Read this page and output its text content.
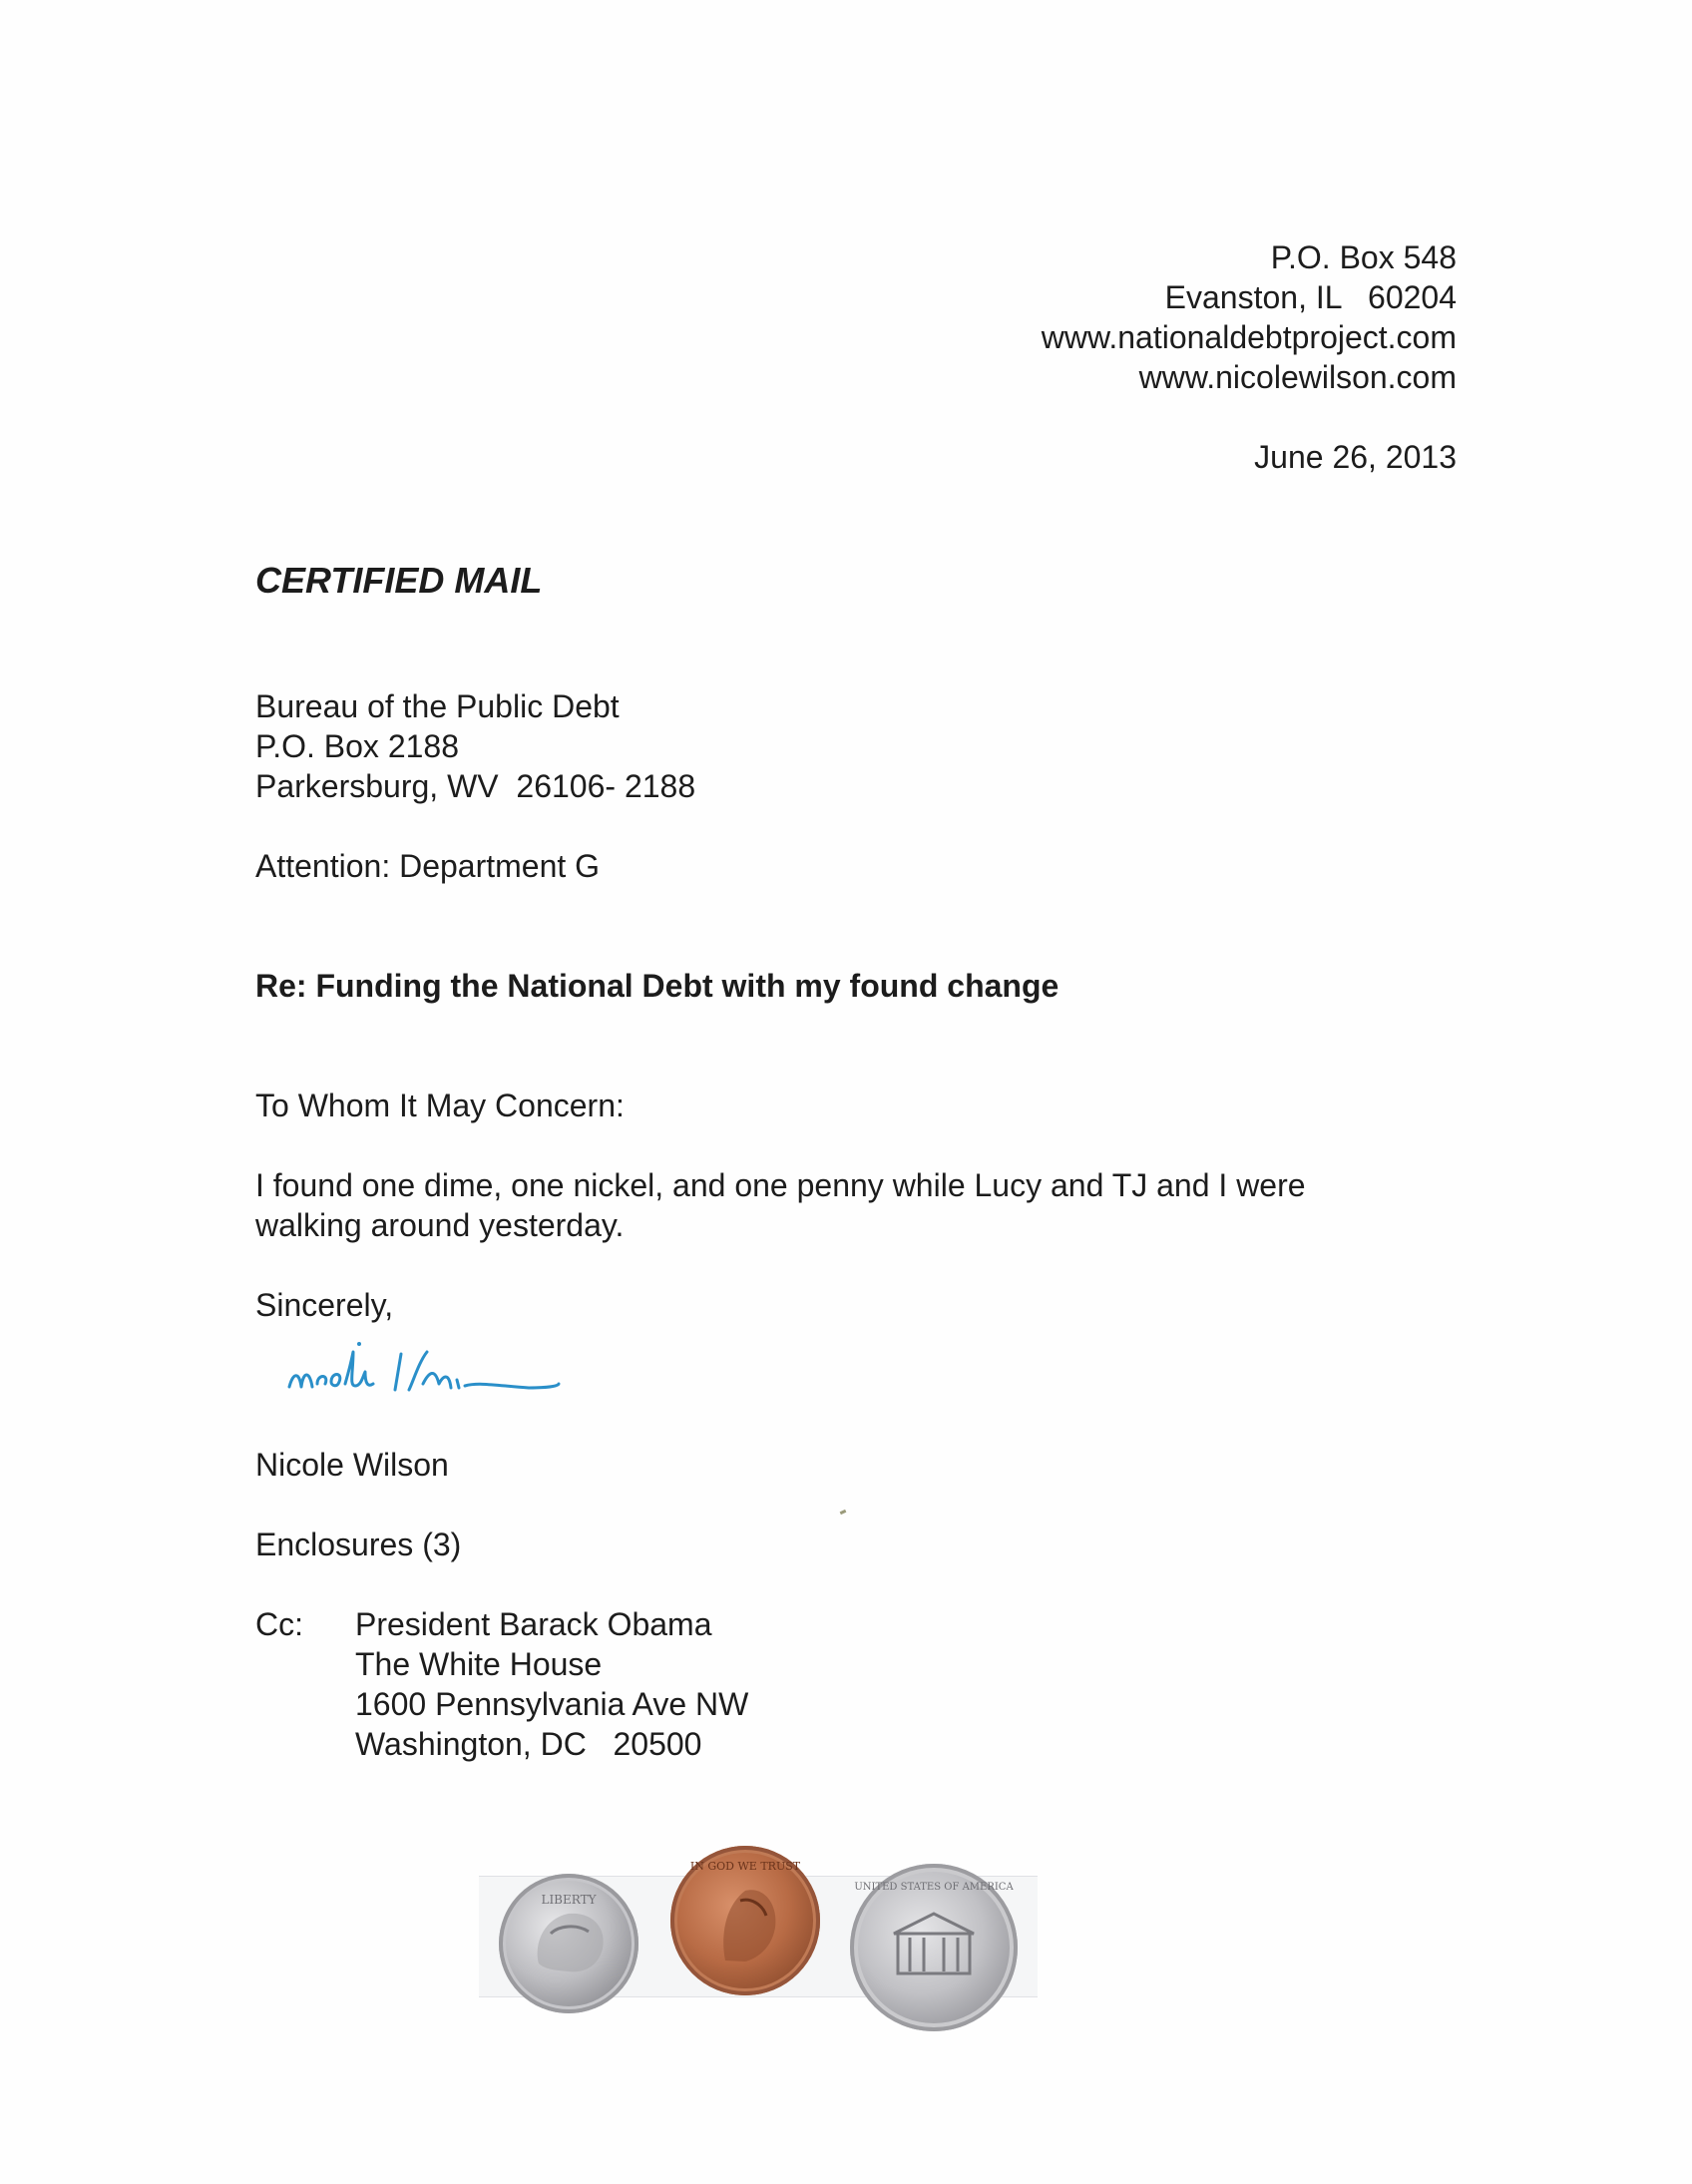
P.O. Box 548
Evanston, IL   60204
www.nationaldebtproject.com
www.nicolewilson.com
June 26, 2013
CERTIFIED MAIL
Bureau of the Public Debt
P.O. Box 2188
Parkersburg, WV  26106- 2188
Attention: Department G
Re: Funding the National Debt with my found change
To Whom It May Concern:
I found one dime, one nickel, and one penny while Lucy and TJ and I were
walking around yesterday.
Sincerely,
Nicole Wilson
Enclosures (3)
Cc: President Barack Obama
The White House
1600 Pennsylvania Ave NW
Washington, DC   20500
LIBERTY
IN GOD WE TRUST
UNITED STATES OF AMERICA
